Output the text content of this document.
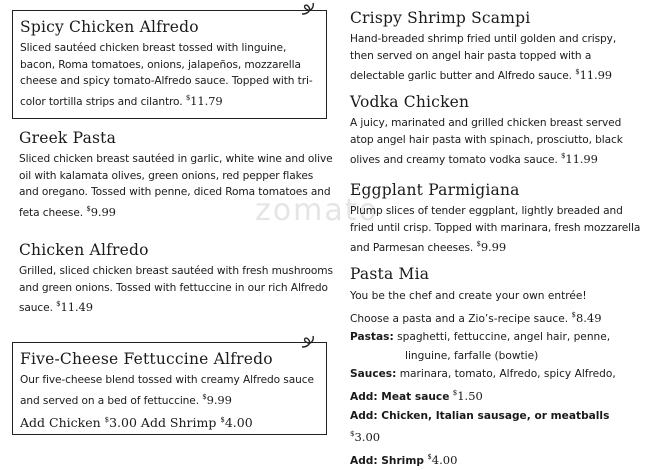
zomato
Spicy Chicken Alfredo

Sliced sautéed chicken breast tossed with linguine, bacon, Roma tomatoes, onions, jalapeños, mozzarella cheese and spicy tomato-Alfredo sauce. Topped with tri-color tortilla strips and cilantro. $11.79

Greek Pasta

Sliced chicken breast sautéed in garlic, white wine and olive oil with kalamata olives, green onions, red pepper flakes and oregano. Tossed with penne, diced Roma tomatoes and feta cheese. $9.99

Chicken Alfredo

Grilled, sliced chicken breast sautéed with fresh mushrooms and green onions. Tossed with fettuccine in our rich Alfredo sauce. $11.49

Five-Cheese Fettuccine Alfredo

Our five-cheese blend tossed with creamy Alfredo sauce and served on a bed of fettuccine. $9.99

Add Chicken $3.00 Add Shrimp $4.00
Crispy Shrimp Scampi

Hand-breaded shrimp fried until golden and crispy, then served on angel hair pasta topped with a delectable garlic butter and Alfredo sauce. $11.99

Vodka Chicken

A juicy, marinated and grilled chicken breast served atop angel hair pasta with spinach, prosciutto, black olives and creamy tomato vodka sauce. $11.99

Eggplant Parmigiana

Plump slices of tender eggplant, lightly breaded and fried until crisp. Topped with marinara, fresh mozzarella and Parmesan cheeses. $9.99

Pasta Mia

You be the chef and create your own entrée!

Choose a pasta and a Zio’s-recipe sauce. $8.49

Pastas: spaghetti, fettuccine, angel hair, penne,

linguine, farfalle (bowtie)

Sauces: marinara, tomato, Alfredo, spicy Alfredo,

Add: Meat sauce $1.50

Add: Chicken, Italian sausage, or meatballs $3.00

Add: Shrimp $4.00
